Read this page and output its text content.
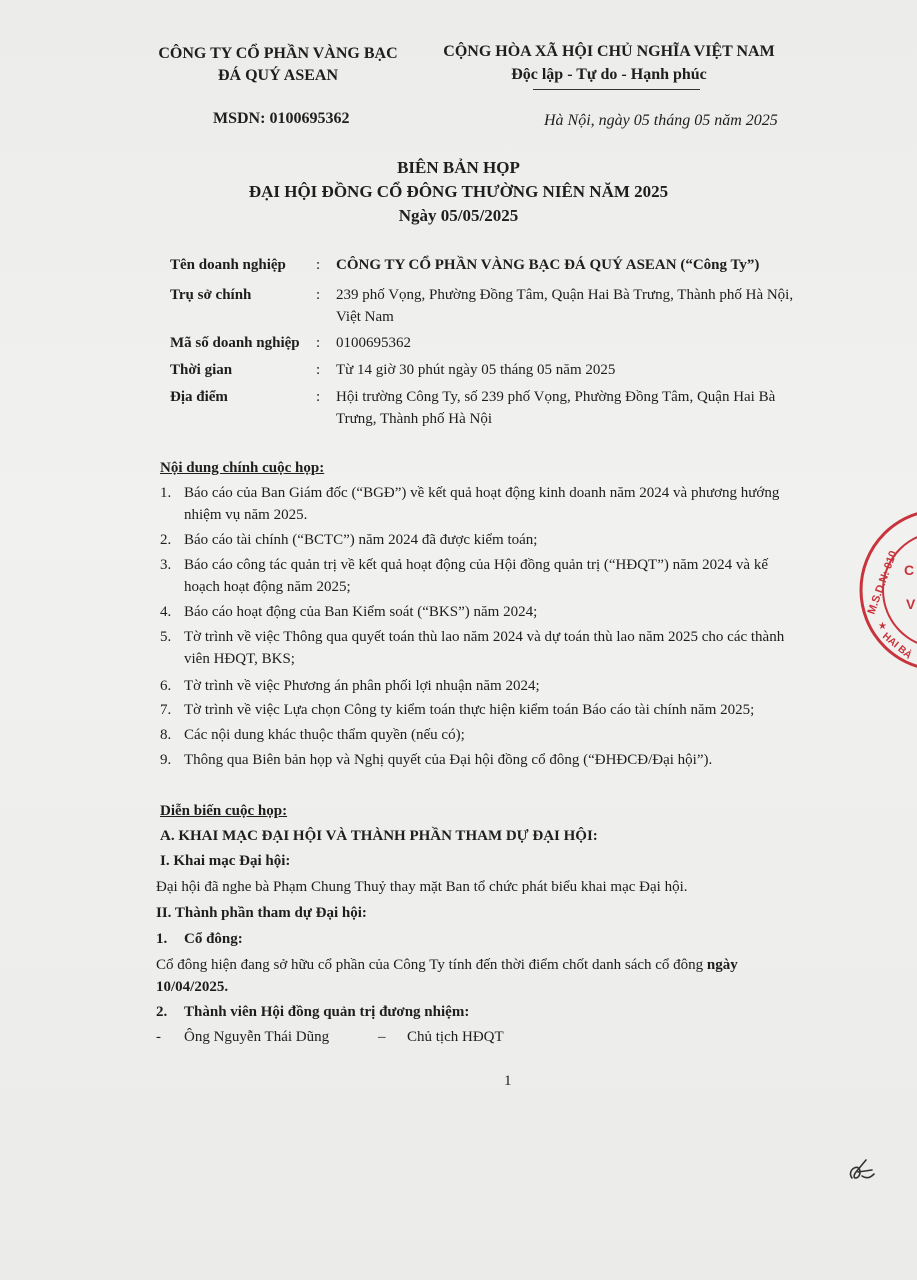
CÔNG TY CỔ PHẦN VÀNG BẠC
ĐÁ QUÝ ASEAN
MSDN: 0100695362
CỘNG HÒA XÃ HỘI CHỦ NGHĨA VIỆT NAM
Độc lập - Tự do - Hạnh phúc
Hà Nội, ngày 05 tháng 05 năm 2025
BIÊN BẢN HỌP
ĐẠI HỘI ĐỒNG CỔ ĐÔNG THƯỜNG NIÊN NĂM 2025
Ngày 05/05/2025
Tên doanh nghiệp : CÔNG TY CỔ PHẦN VÀNG BẠC ĐÁ QUÝ ASEAN (“Công Ty”)
Trụ sở chính	: 239 phố Vọng, Phường Đồng Tâm, Quận Hai Bà Trưng, Thành phố Hà Nội, Việt Nam
Mã số doanh nghiệp : 0100695362
Thời gian	: Từ 14 giờ 30 phút ngày 05 tháng 05 năm 2025
Địa điểm	: Hội trường Công Ty, số 239 phố Vọng, Phường Đồng Tâm, Quận Hai Bà Trưng, Thành phố Hà Nội
Nội dung chính cuộc họp:
1. Báo cáo của Ban Giám đốc (“BGĐ”) về kết quả hoạt động kinh doanh năm 2024 và phương hướng nhiệm vụ năm 2025.
2. Báo cáo tài chính (“BCTC”) năm 2024 đã được kiểm toán;
3. Báo cáo công tác quản trị về kết quả hoạt động của Hội đồng quản trị (“HĐQT”) năm 2024 và kế hoạch hoạt động năm 2025;
4. Báo cáo hoạt động của Ban Kiểm soát (“BKS”) năm 2024;
5. Tờ trình về việc Thông qua quyết toán thù lao năm 2024 và dự toán thù lao năm 2025 cho các thành viên HĐQT, BKS;
6. Tờ trình về việc Phương án phân phối lợi nhuận năm 2024;
7. Tờ trình về việc Lựa chọn Công ty kiểm toán thực hiện kiểm toán Báo cáo tài chính năm 2025;
8. Các nội dung khác thuộc thẩm quyền (nếu có);
9. Thông qua Biên bản họp và Nghị quyết của Đại hội đồng cổ đông (“ĐHĐCĐ/Đại hội”).
Diễn biến cuộc họp:
A. KHAI MẠC ĐẠI HỘI VÀ THÀNH PHẦN THAM DỰ ĐẠI HỘI:
I. Khai mạc Đại hội:
Đại hội đã nghe bà Phạm Chung Thuỷ thay mặt Ban tổ chức phát biểu khai mạc Đại hội.
II. Thành phần tham dự Đại hội:
1. Cổ đông:
Cổ đông hiện đang sở hữu cổ phần của Công Ty tính đến thời điểm chốt danh sách cổ đông ngày
10/04/2025.
2. Thành viên Hội đồng quản trị đương nhiệm:
- Ông Nguyễn Thái Dũng	– Chủ tịch HĐQT
1
M.S.D.N: 010 C
V
HAI BÀ
★
